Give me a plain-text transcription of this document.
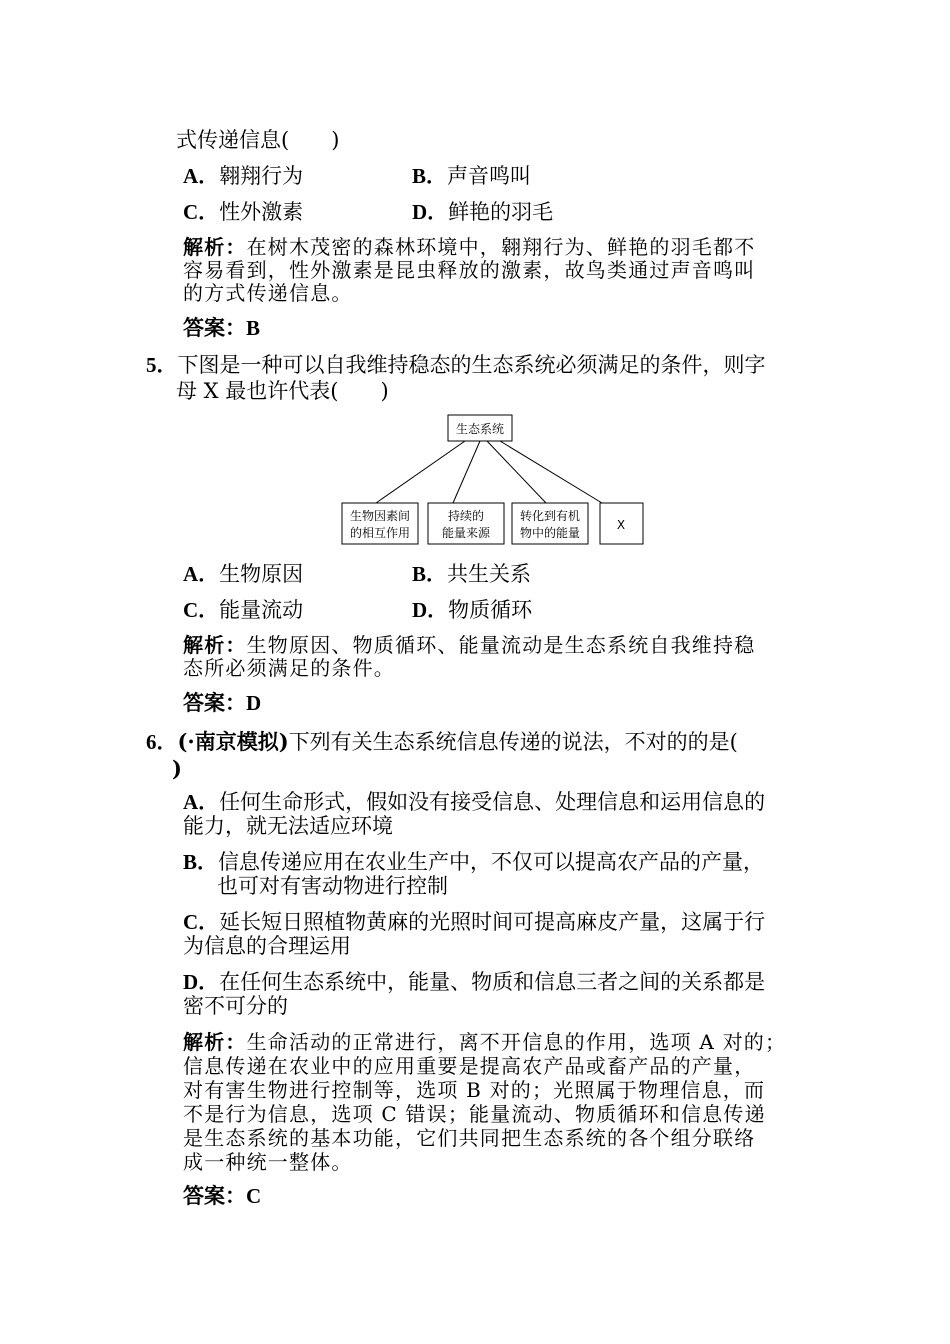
式传递信息(　　)
A．翱翔行为	B．声音鸣叫
C．性外激素	D．鲜艳的羽毛
解析：在树木茂密的森林环境中，翱翔行为、鲜艳的羽毛都不
容易看到，性外激素是昆虫释放的激素，故鸟类通过声音鸣叫
的方式传递信息。
答案：B
5．下图是一种可以自我维持稳态的生态系统必须满足的条件，则字
母 X 最也许代表(　　)
生态系统
生物因素间
的相互作用
持续的
能量来源
转化到有机
物中的能量
X
A．生物原因	B．共生关系
C．能量流动	D．物质循环
解析：生物原因、物质循环、能量流动是生态系统自我维持稳
态所必须满足的条件。
答案：D
6．(·南京模拟)下列有关生态系统信息传递的说法，不对的的是(
)
A．任何生命形式，假如没有接受信息、处理信息和运用信息的
能力，就无法适应环境
B．信息传递应用在农业生产中，不仅可以提高农产品的产量，
也可对有害动物进行控制
C．延长短日照植物黄麻的光照时间可提高麻皮产量，这属于行
为信息的合理运用
D．在任何生态系统中，能量、物质和信息三者之间的关系都是
密不可分的
解析：生命活动的正常进行，离不开信息的作用，选项 A 对的；
信息传递在农业中的应用重要是提高农产品或畜产品的产量，
对有害生物进行控制等，选项 B 对的；光照属于物理信息，而
不是行为信息，选项 C 错误；能量流动、物质循环和信息传递
是生态系统的基本功能，它们共同把生态系统的各个组分联络
成一种统一整体。
答案：C
